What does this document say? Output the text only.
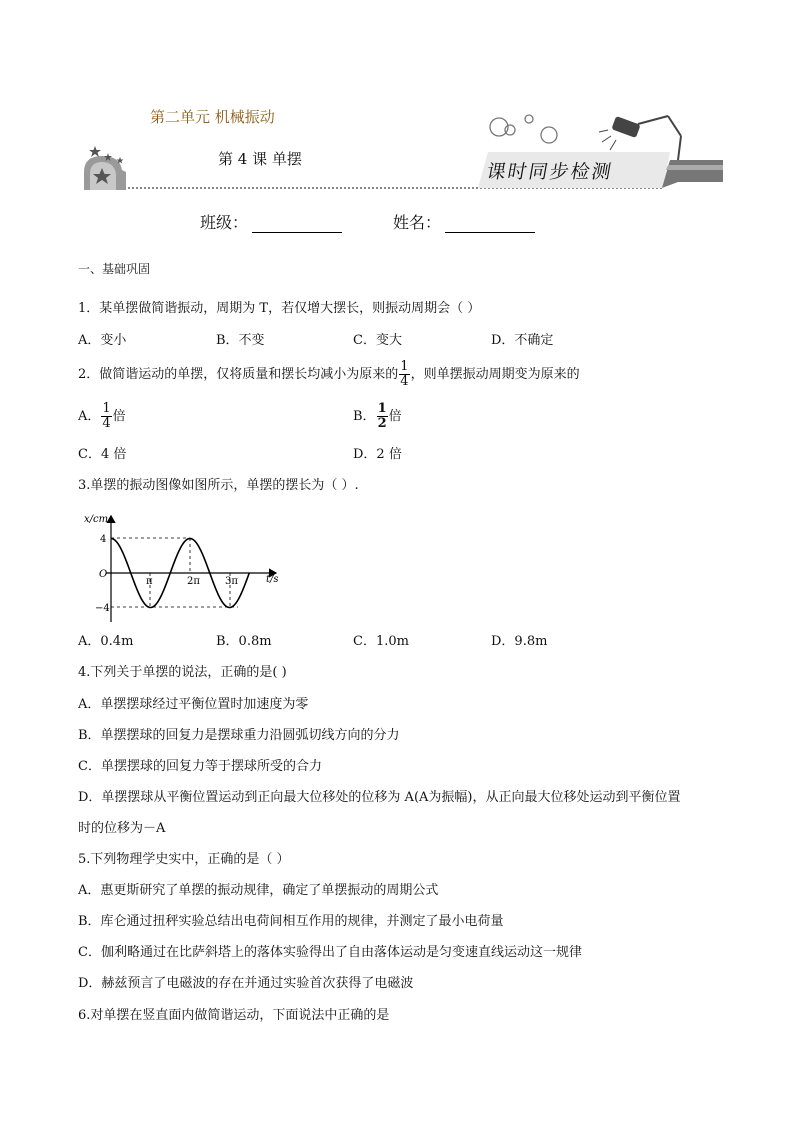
第二单元 机械振动
第 4 课 单摆
课时同步检测
班级：	姓名：
一、基础巩固
1．某单摆做简谐振动，周期为 T，若仅增大摆长，则振动周期会（ ）
A．变小	B．不变	C．变大	D．不确定
2．做简谐运动的单摆，仅将质量和摆长均减小为原来的 $\frac{1}{4}$ ，则单摆振动周期变为原来的
A． $\frac{1}{4}$ 倍	B． $\frac{1}{2}$ 倍
C．4 倍	D．2 倍
3.单摆的振动图像如图所示，单摆的摆长为（ ）.
x/cm
t/s
O
4
−4
π	2π	3π
A．0.4m	B．0.8m	C．1.0m	D．9.8m
4.下列关于单摆的说法，正确的是( )
A．单摆摆球经过平衡位置时加速度为零
B．单摆摆球的回复力是摆球重力沿圆弧切线方向的分力
C．单摆摆球的回复力等于摆球所受的合力
D．单摆摆球从平衡位置运动到正向最大位移处的位移为 A(A为振幅)，从正向最大位移处运动到平衡位置
时的位移为－A
5.下列物理学史实中，正确的是（ ）
A．惠更斯研究了单摆的振动规律，确定了单摆振动的周期公式
B．库仑通过扭秤实验总结出电荷间相互作用的规律，并测定了最小电荷量
C．伽利略通过在比萨斜塔上的落体实验得出了自由落体运动是匀变速直线运动这一规律
D．赫兹预言了电磁波的存在并通过实验首次获得了电磁波
6.对单摆在竖直面内做简谐运动，下面说法中正确的是
